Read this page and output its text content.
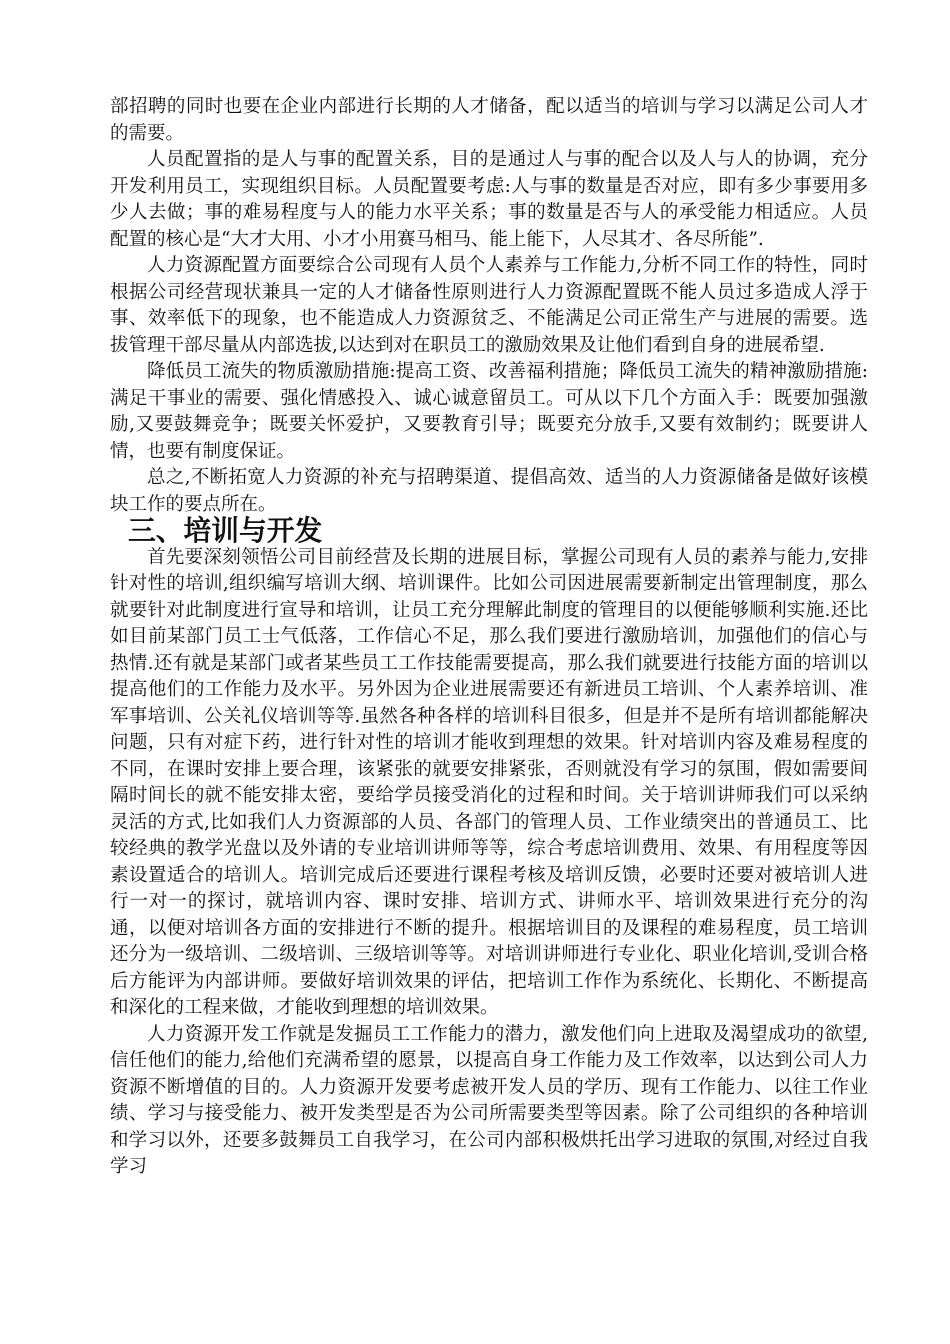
部招聘的同时也要在企业内部进行长期的人才储备，配以适当的培训与学习以满足公司人才的需要。

人员配置指的是人与事的配置关系，目的是通过人与事的配合以及人与人的协调，充分开发利用员工，实现组织目标。人员配置要考虑:人与事的数量是否对应，即有多少事要用多少人去做；事的难易程度与人的能力水平关系；事的数量是否与人的承受能力相适应。人员配置的核心是“大才大用、小才小用赛马相马、能上能下，人尽其才、各尽所能”.

人力资源配置方面要综合公司现有人员个人素养与工作能力,分析不同工作的特性，同时根据公司经营现状兼具一定的人才储备性原则进行人力资源配置既不能人员过多造成人浮于事、效率低下的现象，也不能造成人力资源贫乏、不能满足公司正常生产与进展的需要。选拔管理干部尽量从内部选拔,以达到对在职员工的激励效果及让他们看到自身的进展希望.

降低员工流失的物质激励措施:提高工资、改善福利措施；降低员工流失的精神激励措施:满足干事业的需要、强化情感投入、诚心诚意留员工。可从以下几个方面入手：既要加强激励,又要鼓舞竞争；既要关怀爱护，又要教育引导；既要充分放手,又要有效制约；既要讲人情，也要有制度保证。

总之,不断拓宽人力资源的补充与招聘渠道、提倡高效、适当的人力资源储备是做好该模块工作的要点所在。

三、培训与开发

首先要深刻领悟公司目前经营及长期的进展目标，掌握公司现有人员的素养与能力,安排针对性的培训,组织编写培训大纲、培训课件。比如公司因进展需要新制定出管理制度，那么就要针对此制度进行宣导和培训，让员工充分理解此制度的管理目的以便能够顺利实施.还比如目前某部门员工士气低落，工作信心不足，那么我们要进行激励培训，加强他们的信心与热情.还有就是某部门或者某些员工工作技能需要提高，那么我们就要进行技能方面的培训以提高他们的工作能力及水平。另外因为企业进展需要还有新进员工培训、个人素养培训、准军事培训、公关礼仪培训等等.虽然各种各样的培训科目很多，但是并不是所有培训都能解决问题，只有对症下药，进行针对性的培训才能收到理想的效果。针对培训内容及难易程度的不同，在课时安排上要合理，该紧张的就要安排紧张，否则就没有学习的氛围，假如需要间隔时间长的就不能安排太密，要给学员接受消化的过程和时间。关于培训讲师我们可以采纳灵活的方式,比如我们人力资源部的人员、各部门的管理人员、工作业绩突出的普通员工、比较经典的教学光盘以及外请的专业培训讲师等等，综合考虑培训费用、效果、有用程度等因素设置适合的培训人。培训完成后还要进行课程考核及培训反馈，必要时还要对被培训人进行一对一的探讨，就培训内容、课时安排、培训方式、讲师水平、培训效果进行充分的沟通，以便对培训各方面的安排进行不断的提升。根据培训目的及课程的难易程度，员工培训还分为一级培训、二级培训、三级培训等等。对培训讲师进行专业化、职业化培训,受训合格后方能评为内部讲师。要做好培训效果的评估，把培训工作作为系统化、长期化、不断提高和深化的工程来做，才能收到理想的培训效果。

人力资源开发工作就是发掘员工工作能力的潜力，激发他们向上进取及渴望成功的欲望,信任他们的能力,给他们充满希望的愿景，以提高自身工作能力及工作效率，以达到公司人力资源不断增值的目的。人力资源开发要考虑被开发人员的学历、现有工作能力、以往工作业绩、学习与接受能力、被开发类型是否为公司所需要类型等因素。除了公司组织的各种培训和学习以外，还要多鼓舞员工自我学习，在公司内部积极烘托出学习进取的氛围,对经过自我学习
